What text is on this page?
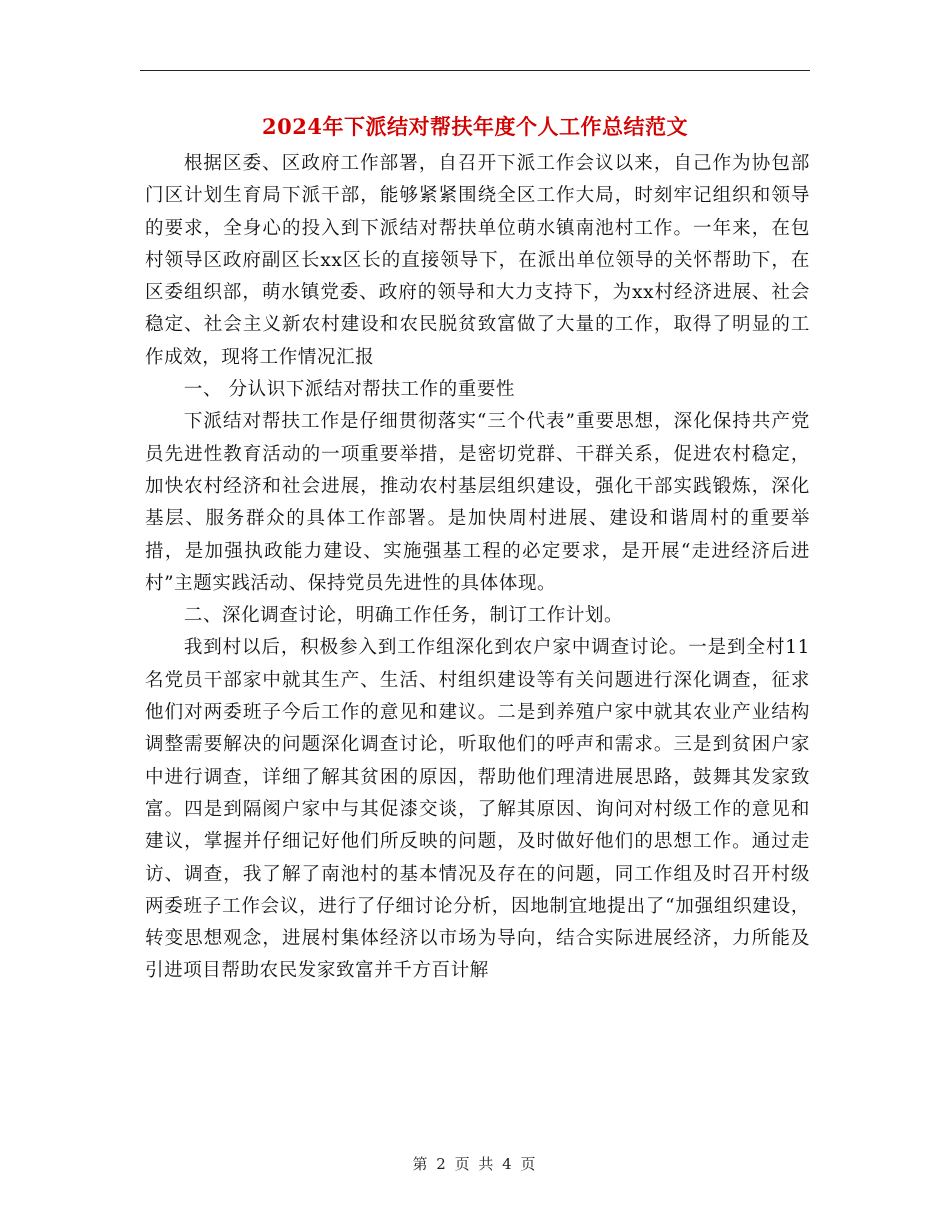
2024年下派结对帮扶年度个人工作总结范文

根据区委、区政府工作部署，自召开下派工作会议以来，自己作为协包部门区计划生育局下派干部，能够紧紧围绕全区工作大局，时刻牢记组织和领导的要求，全身心的投入到下派结对帮扶单位萌水镇南池村工作。一年来，在包村领导区政府副区长xx区长的直接领导下，在派出单位领导的关怀帮助下，在区委组织部，萌水镇党委、政府的领导和大力支持下，为xx村经济进展、社会稳定、社会主义新农村建设和农民脱贫致富做了大量的工作，取得了明显的工作成效，现将工作情况汇报

一、 分认识下派结对帮扶工作的重要性

下派结对帮扶工作是仔细贯彻落实“三个代表”重要思想，深化保持共产党员先进性教育活动的一项重要举措，是密切党群、干群关系，促进农村稳定，加快农村经济和社会进展，推动农村基层组织建设，强化干部实践锻炼，深化基层、服务群众的具体工作部署。是加快周村进展、建设和谐周村的重要举措，是加强执政能力建设、实施强基工程的必定要求，是开展“走进经济后进村”主题实践活动、保持党员先进性的具体体现。

二、深化调查讨论，明确工作任务，制订工作计划。

我到村以后，积极参入到工作组深化到农户家中调查讨论。一是到全村11名党员干部家中就其生产、生活、村组织建设等有关问题进行深化调查，征求他们对两委班子今后工作的意见和建议。二是到养殖户家中就其农业产业结构调整需要解决的问题深化调查讨论，听取他们的呼声和需求。三是到贫困户家中进行调查，详细了解其贫困的原因，帮助他们理清进展思路，鼓舞其发家致富。四是到隔阂户家中与其促漆交谈，了解其原因、询问对村级工作的意见和建议，掌握并仔细记好他们所反映的问题，及时做好他们的思想工作。通过走访、调查，我了解了南池村的基本情况及存在的问题，同工作组及时召开村级两委班子工作会议，进行了仔细讨论分析，因地制宜地提出了“加强组织建设，转变思想观念，进展村集体经济以市场为导向，结合实际进展经济，力所能及引进项目帮助农民发家致富并千方百计解

第 2 页 共 4 页
